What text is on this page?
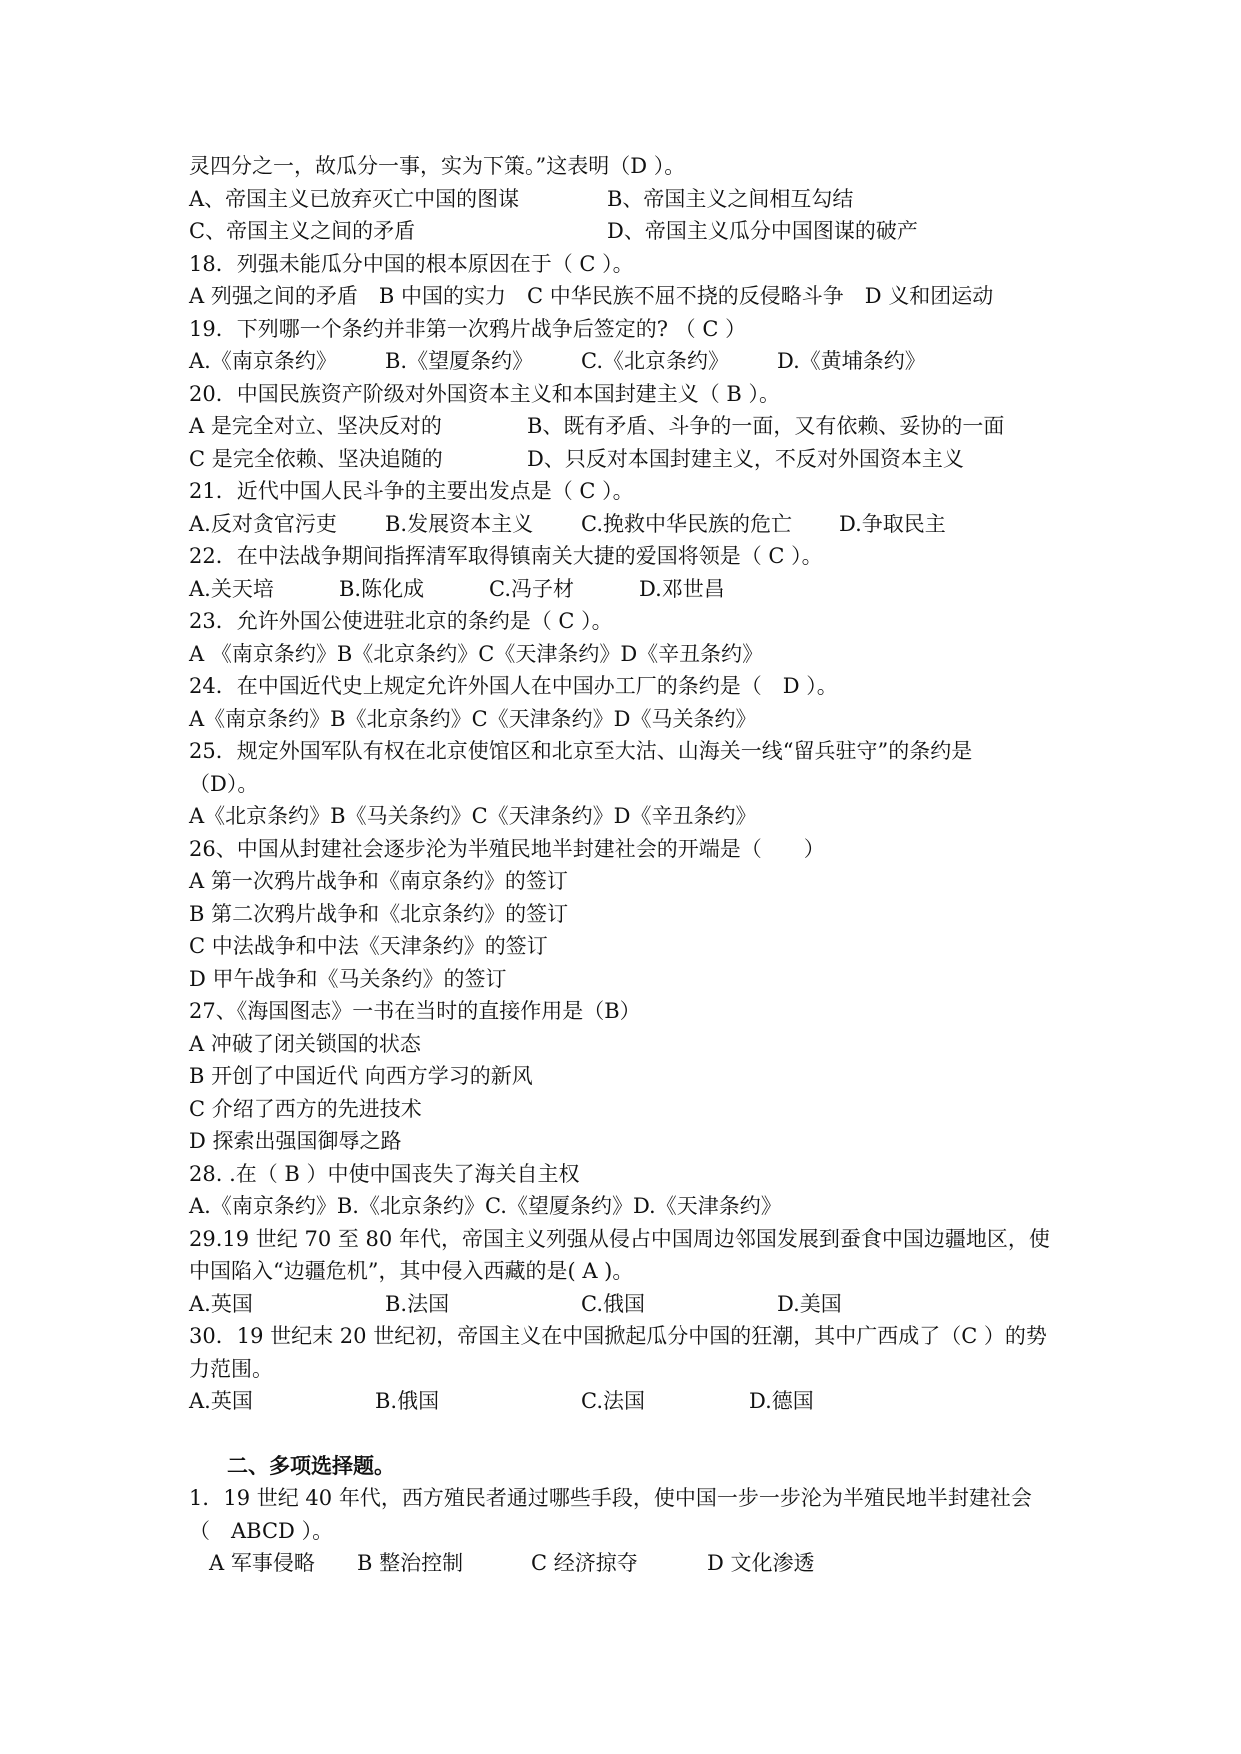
灵四分之一，故瓜分一事，实为下策。”这表明（D ）。
A、帝国主义已放弃灭亡中国的图谋	B、帝国主义之间相互勾结
C、帝国主义之间的矛盾	D、帝国主义瓜分中国图谋的破产
18．列强未能瓜分中国的根本原因在于（ C ）。
A 列强之间的矛盾　B 中国的实力　C 中华民族不屈不挠的反侵略斗争　D 义和团运动
19．下列哪一个条约并非第一次鸦片战争后签定的? （ C ）
A.《南京条约》 B.《望厦条约》 C.《北京条约》 D.《黄埔条约》
20．中国民族资产阶级对外国资本主义和本国封建主义（ B ）。
A 是完全对立、坚决反对的	B、既有矛盾、斗争的一面，又有依赖、妥协的一面
C 是完全依赖、坚决追随的	D、只反对本国封建主义，不反对外国资本主义
21．近代中国人民斗争的主要出发点是（ C ）。
A.反对贪官污吏 B.发展资本主义 C.挽救中华民族的危亡 D.争取民主
22．在中法战争期间指挥清军取得镇南关大捷的爱国将领是（ C ）。
A.关天培	B.陈化成	C.冯子材	D.邓世昌
23．允许外国公使进驻北京的条约是（ C ）。
A 《南京条约》B《北京条约》C《天津条约》D《辛丑条约》
24．在中国近代史上规定允许外国人在中国办工厂的条约是（　D ）。
A《南京条约》B《北京条约》C《天津条约》D《马关条约》
25．规定外国军队有权在北京使馆区和北京至大沽、山海关一线“留兵驻守”的条约是
（D）。
A《北京条约》B《马关条约》C《天津条约》D《辛丑条约》
26、中国从封建社会逐步沦为半殖民地半封建社会的开端是（　　）
A 第一次鸦片战争和《南京条约》的签订
B 第二次鸦片战争和《北京条约》的签订
C 中法战争和中法《天津条约》的签订
D 甲午战争和《马关条约》的签订
27、《海国图志》一书在当时的直接作用是（B）
A 冲破了闭关锁国的状态
B 开创了中国近代 向西方学习的新风
C 介绍了西方的先进技术
D 探索出强国御辱之路
28. .在（ B ）中使中国丧失了海关自主权
A.《南京条约》B.《北京条约》C.《望厦条约》D.《天津条约》
29.19 世纪 70 至 80 年代，帝国主义列强从侵占中国周边邻国发展到蚕食中国边疆地区，使
中国陷入“边疆危机”，其中侵入西藏的是( A )。
A.英国	B.法国	C.俄国	D.美国
30．19 世纪末 20 世纪初，帝国主义在中国掀起瓜分中国的狂潮，其中广西成了（C ）的势
力范围。
A.英国	B.俄国	C.法国	D.德国
二、多项选择题。
1．19 世纪 40 年代，西方殖民者通过哪些手段，使中国一步一步沦为半殖民地半封建社会
（　ABCD ）。
A 军事侵略 B 整治控制	C 经济掠夺	D 文化渗透
